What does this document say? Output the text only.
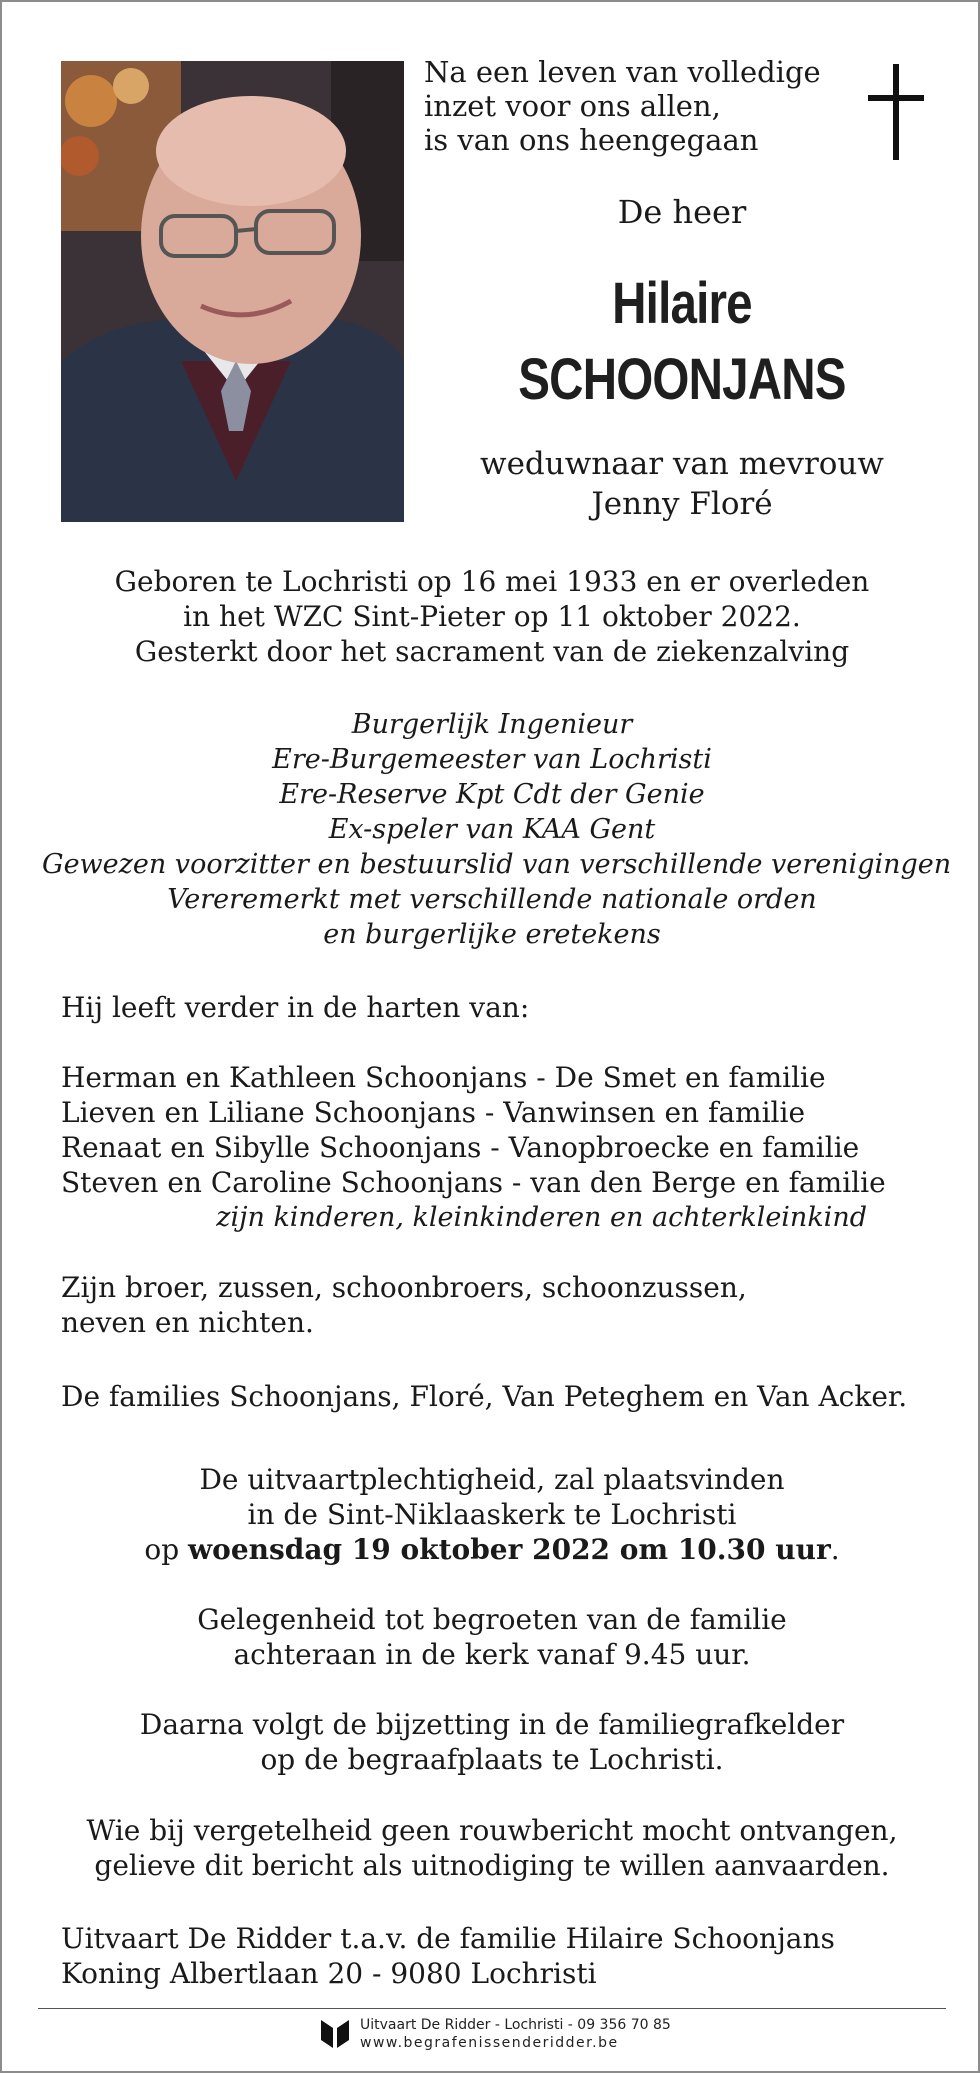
Na een leven van volledige
inzet voor ons allen,
is van ons heengegaan
De heer
Hilaire
SCHOONJANS
weduwnaar van mevrouw
Jenny Floré
Geboren te Lochristi op 16 mei 1933 en er overleden
in het WZC Sint-Pieter op 11 oktober 2022.
Gesterkt door het sacrament van de ziekenzalving
Burgerlijk Ingenieur
Ere-Burgemeester van Lochristi
Ere-Reserve Kpt Cdt der Genie
Ex-speler van KAA Gent
Gewezen voorzitter en bestuurslid van verschillende verenigingen
Vereremerkt met verschillende nationale orden
en burgerlijke eretekens
Hij leeft verder in de harten van:
Herman en Kathleen Schoonjans - De Smet en familie
Lieven en Liliane Schoonjans - Vanwinsen en familie
Renaat en Sibylle Schoonjans - Vanopbroecke en familie
Steven en Caroline Schoonjans - van den Berge en familie
zijn kinderen, kleinkinderen en achterkleinkind
Zijn broer, zussen, schoonbroers, schoonzussen,
neven en nichten.
De families Schoonjans, Floré, Van Peteghem en Van Acker.
De uitvaartplechtigheid, zal plaatsvinden
in de Sint-Niklaaskerk te Lochristi
op woensdag 19 oktober 2022 om 10.30 uur.
Gelegenheid tot begroeten van de familie
achteraan in de kerk vanaf 9.45 uur.
Daarna volgt de bijzetting in de familiegrafkelder
op de begraafplaats te Lochristi.
Wie bij vergetelheid geen rouwbericht mocht ontvangen,
gelieve dit bericht als uitnodiging te willen aanvaarden.
Uitvaart De Ridder t.a.v. de familie Hilaire Schoonjans
Koning Albertlaan 20 - 9080 Lochristi
Uitvaart De Ridder - Lochristi - 09 356 70 85
www.begrafenissenderidder.be
